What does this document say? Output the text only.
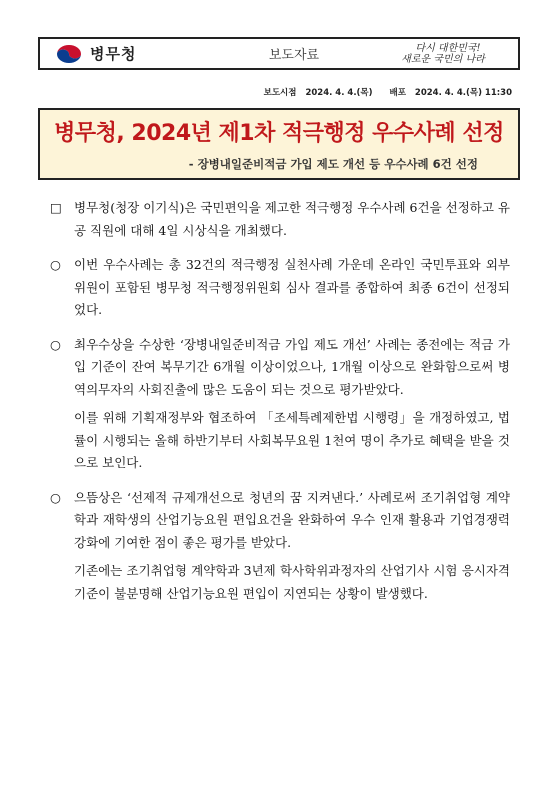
병무청	보도자료	다시 대한민국!
새로운 국민의 나라
보도시점 2024. 4. 4.(목) 배포 2024. 4. 4.(목) 11:30
병무청, 2024년 제1차 적극행정 우수사례 선정
- 장병내일준비적금 가입 제도 개선 등 우수사례 6건 선정
□ 병무청(청장 이기식)은 국민편익을 제고한 적극행정 우수사례 6건을 선정하고 유공 직원에 대해 4일 시상식을 개최했다.
○ 이번 우수사례는 총 32건의 적극행정 실천사례 가운데 온라인 국민투표와 외부위원이 포함된 병무청 적극행정위원회 심사 결과를 종합하여 최종 6건이 선정되었다.
○ 최우수상을 수상한 ‘장병내일준비적금 가입 제도 개선’ 사례는 종전에는 적금 가입 기준이 잔여 복무기간 6개월 이상이었으나, 1개월 이상으로 완화함으로써 병역의무자의 사회진출에 많은 도움이 되는 것으로 평가받았다.
이를 위해 기획재정부와 협조하여 「조세특례제한법 시행령」을 개정하였고, 법률이 시행되는 올해 하반기부터 사회복무요원 1천여 명이 추가로 혜택을 받을 것으로 보인다.
○ 으뜸상은 ‘선제적 규제개선으로 청년의 꿈 지켜낸다.’ 사례로써 조기취업형 계약학과 재학생의 산업기능요원 편입요건을 완화하여 우수 인재 활용과 기업경쟁력 강화에 기여한 점이 좋은 평가를 받았다.
기존에는 조기취업형 계약학과 3년제 학사학위과정자의 산업기사 시험 응시자격 기준이 불분명해 산업기능요원 편입이 지연되는 상황이 발생했다.
